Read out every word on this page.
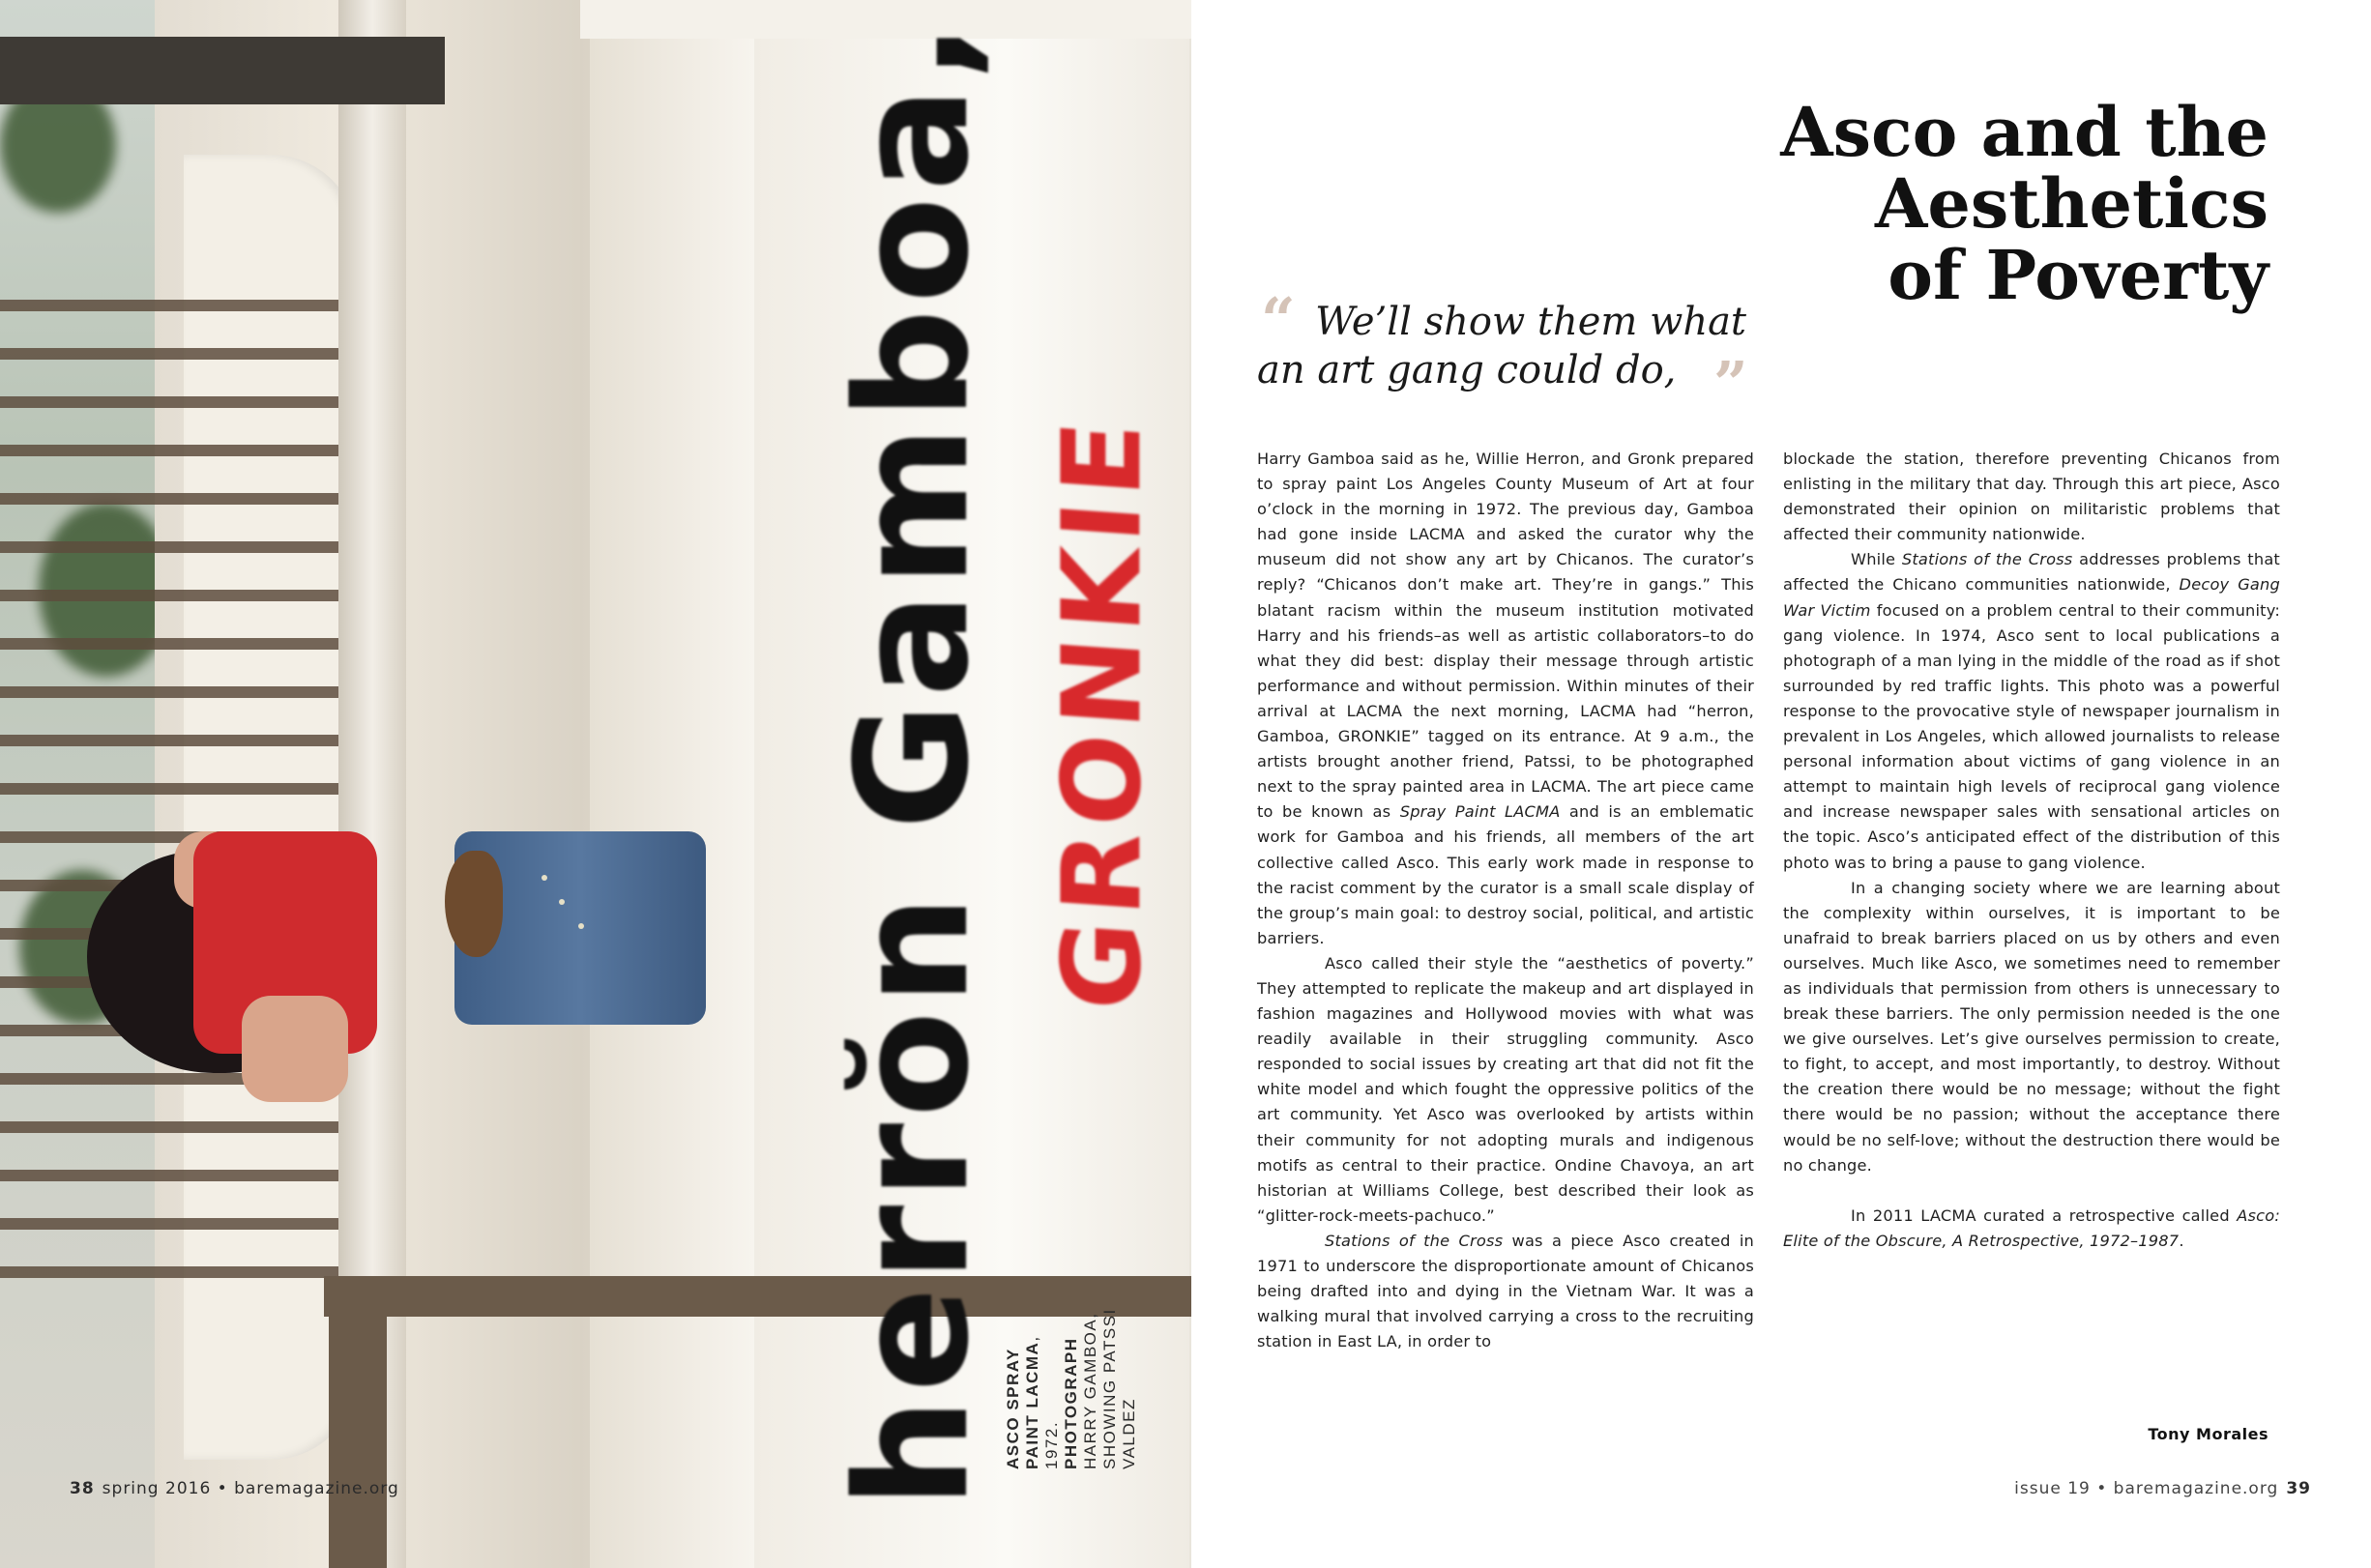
herrŏn Gamboa, GRONKIE
ASCO SPRAY PAINT LACMA, 1972.
PHOTOGRAPH
HARRY GAMBOA, SHOWING PATSSI VALDEZ
38 spring 2016 • baremagazine.org
Asco and the
Aesthetics
of Poverty
“ We’ll show them what
an art gang could do, ”

Harry Gamboa said as he, Willie Herron, and Gronk prepared to spray paint Los Angeles County Museum of Art at four o’clock in the morning in 1972. The previous day, Gamboa had gone inside LACMA and asked the curator why the museum did not show any art by Chicanos. The curator’s reply? “Chicanos don’t make art. They’re in gangs.” This blatant racism within the museum institution motivated Harry and his friends–as well as artistic collaborators–to do what they did best: display their message through artistic performance and without permission. Within minutes of their arrival at LACMA the next morning, LACMA had “herron, Gamboa, GRONKIE” tagged on its entrance. At 9 a.m., the artists brought another friend, Patssi, to be photographed next to the spray painted area in LACMA. The art piece came to be known as Spray Paint LACMA and is an emblematic work for Gamboa and his friends, all members of the art collective called Asco. This early work made in response to the racist comment by the curator is a small scale display of the group’s main goal: to destroy social, political, and artistic barriers.

Asco called their style the “aesthetics of poverty.” They attempted to replicate the makeup and art displayed in fashion magazines and Hollywood movies with what was readily available in their struggling community. Asco responded to social issues by creating art that did not fit the white model and which fought the oppressive politics of the art community. Yet Asco was overlooked by artists within their community for not adopting murals and indigenous motifs as central to their practice. Ondine Chavoya, an art historian at Williams College, best described their look as “glitter-rock-meets-pachuco.”

Stations of the Cross was a piece Asco created in 1971 to underscore the disproportionate amount of Chicanos being drafted into and dying in the Vietnam War. It was a walking mural that involved carrying a cross to the recruiting station in East LA, in order to

blockade the station, therefore preventing Chicanos from enlisting in the military that day. Through this art piece, Asco demonstrated their opinion on militaristic problems that affected their community nationwide.

While Stations of the Cross addresses problems that affected the Chicano communities nationwide, Decoy Gang War Victim focused on a problem central to their community: gang violence. In 1974, Asco sent to local publications a photograph of a man lying in the middle of the road as if shot surrounded by red traffic lights. This photo was a powerful response to the provocative style of newspaper journalism in prevalent in Los Angeles, which allowed journalists to release personal information about victims of gang violence in an attempt to maintain high levels of reciprocal gang violence and increase newspaper sales with sensational articles on the topic. Asco’s anticipated effect of the distribution of this photo was to bring a pause to gang violence.

In a changing society where we are learning about the complexity within ourselves, it is important to be unafraid to break barriers placed on us by others and even ourselves. Much like Asco, we sometimes need to remember as individuals that permission from others is unnecessary to break these barriers. The only permission needed is the one we give ourselves. Let’s give ourselves permission to create, to fight, to accept, and most importantly, to destroy. Without the creation there would be no message; without the fight there would be no passion; without the acceptance there would be no self-love; without the destruction there would be no change.

In 2011 LACMA curated a retrospective called Asco: Elite of the Obscure, A Retrospective, 1972–1987.

Tony Morales
issue 19 • baremagazine.org 39
